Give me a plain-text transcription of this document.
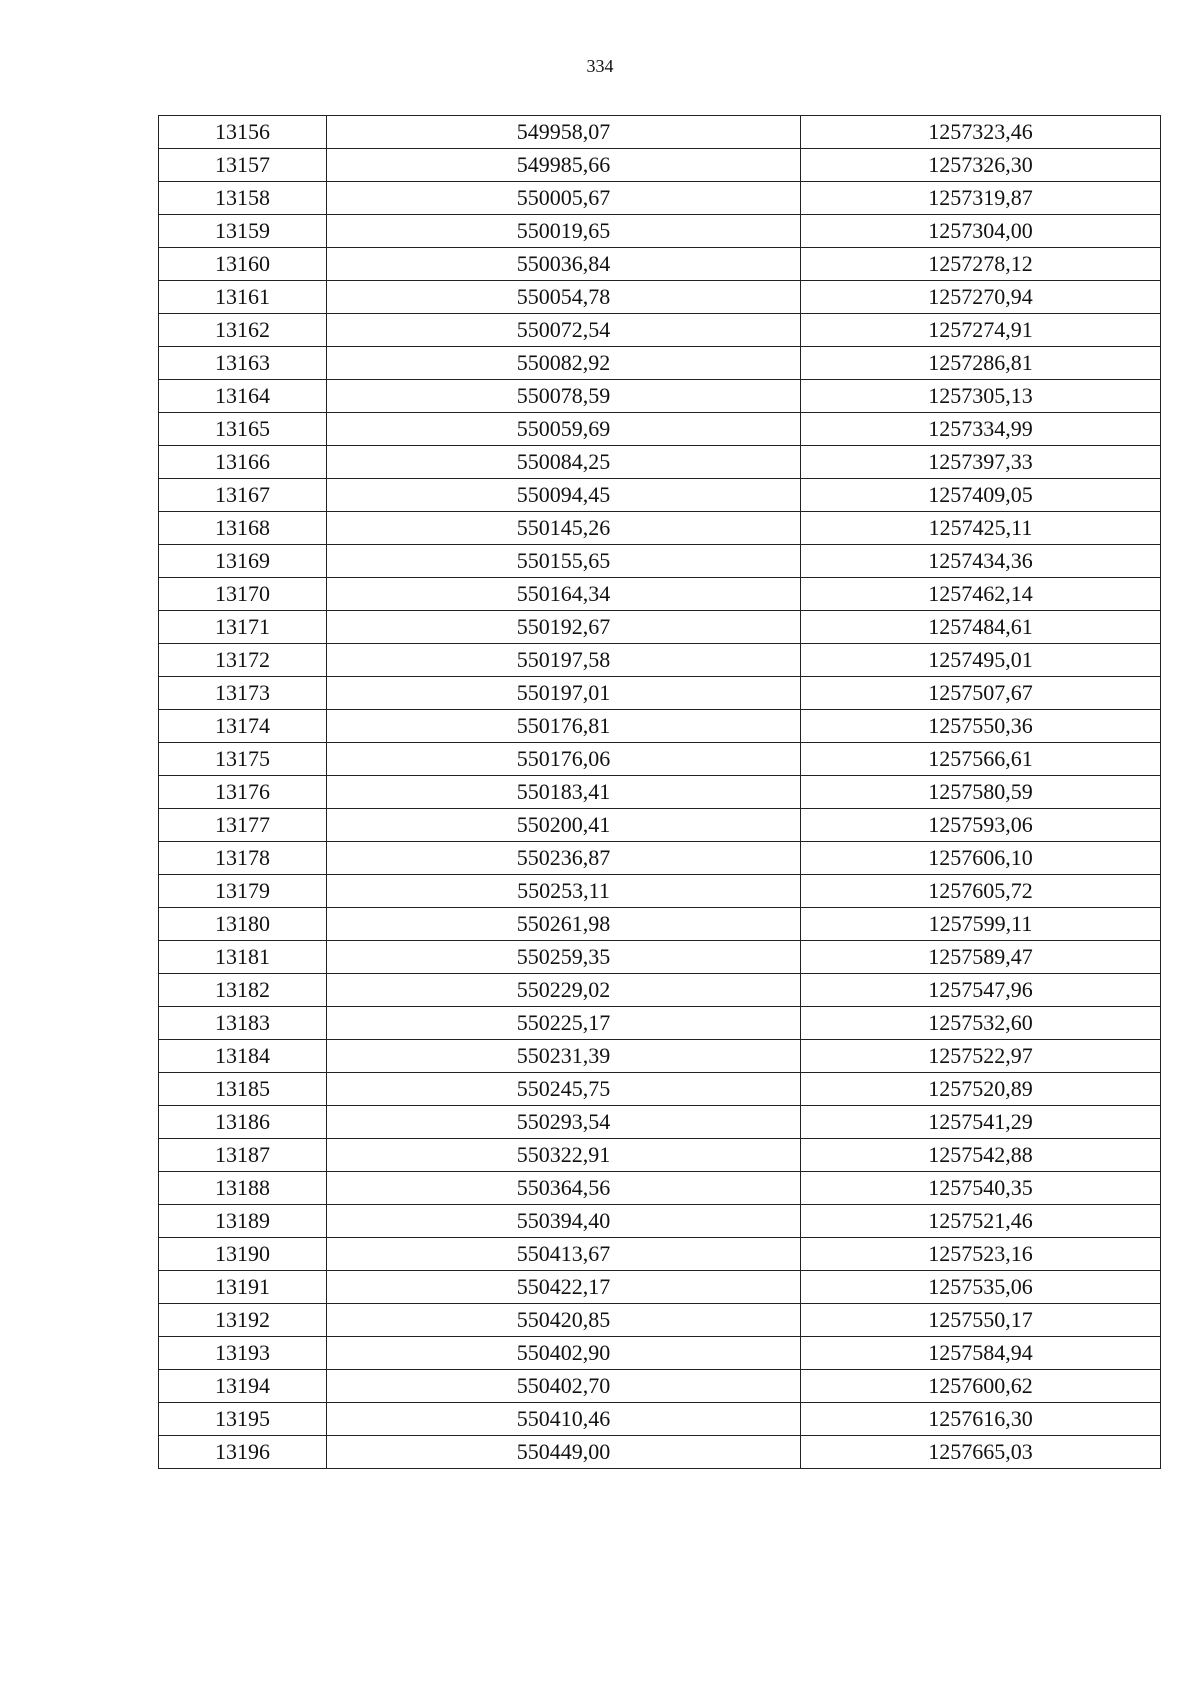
334
13156	549958,07	1257323,46
13157	549985,66	1257326,30
13158	550005,67	1257319,87
13159	550019,65	1257304,00
13160	550036,84	1257278,12
13161	550054,78	1257270,94
13162	550072,54	1257274,91
13163	550082,92	1257286,81
13164	550078,59	1257305,13
13165	550059,69	1257334,99
13166	550084,25	1257397,33
13167	550094,45	1257409,05
13168	550145,26	1257425,11
13169	550155,65	1257434,36
13170	550164,34	1257462,14
13171	550192,67	1257484,61
13172	550197,58	1257495,01
13173	550197,01	1257507,67
13174	550176,81	1257550,36
13175	550176,06	1257566,61
13176	550183,41	1257580,59
13177	550200,41	1257593,06
13178	550236,87	1257606,10
13179	550253,11	1257605,72
13180	550261,98	1257599,11
13181	550259,35	1257589,47
13182	550229,02	1257547,96
13183	550225,17	1257532,60
13184	550231,39	1257522,97
13185	550245,75	1257520,89
13186	550293,54	1257541,29
13187	550322,91	1257542,88
13188	550364,56	1257540,35
13189	550394,40	1257521,46
13190	550413,67	1257523,16
13191	550422,17	1257535,06
13192	550420,85	1257550,17
13193	550402,90	1257584,94
13194	550402,70	1257600,62
13195	550410,46	1257616,30
13196	550449,00	1257665,03
